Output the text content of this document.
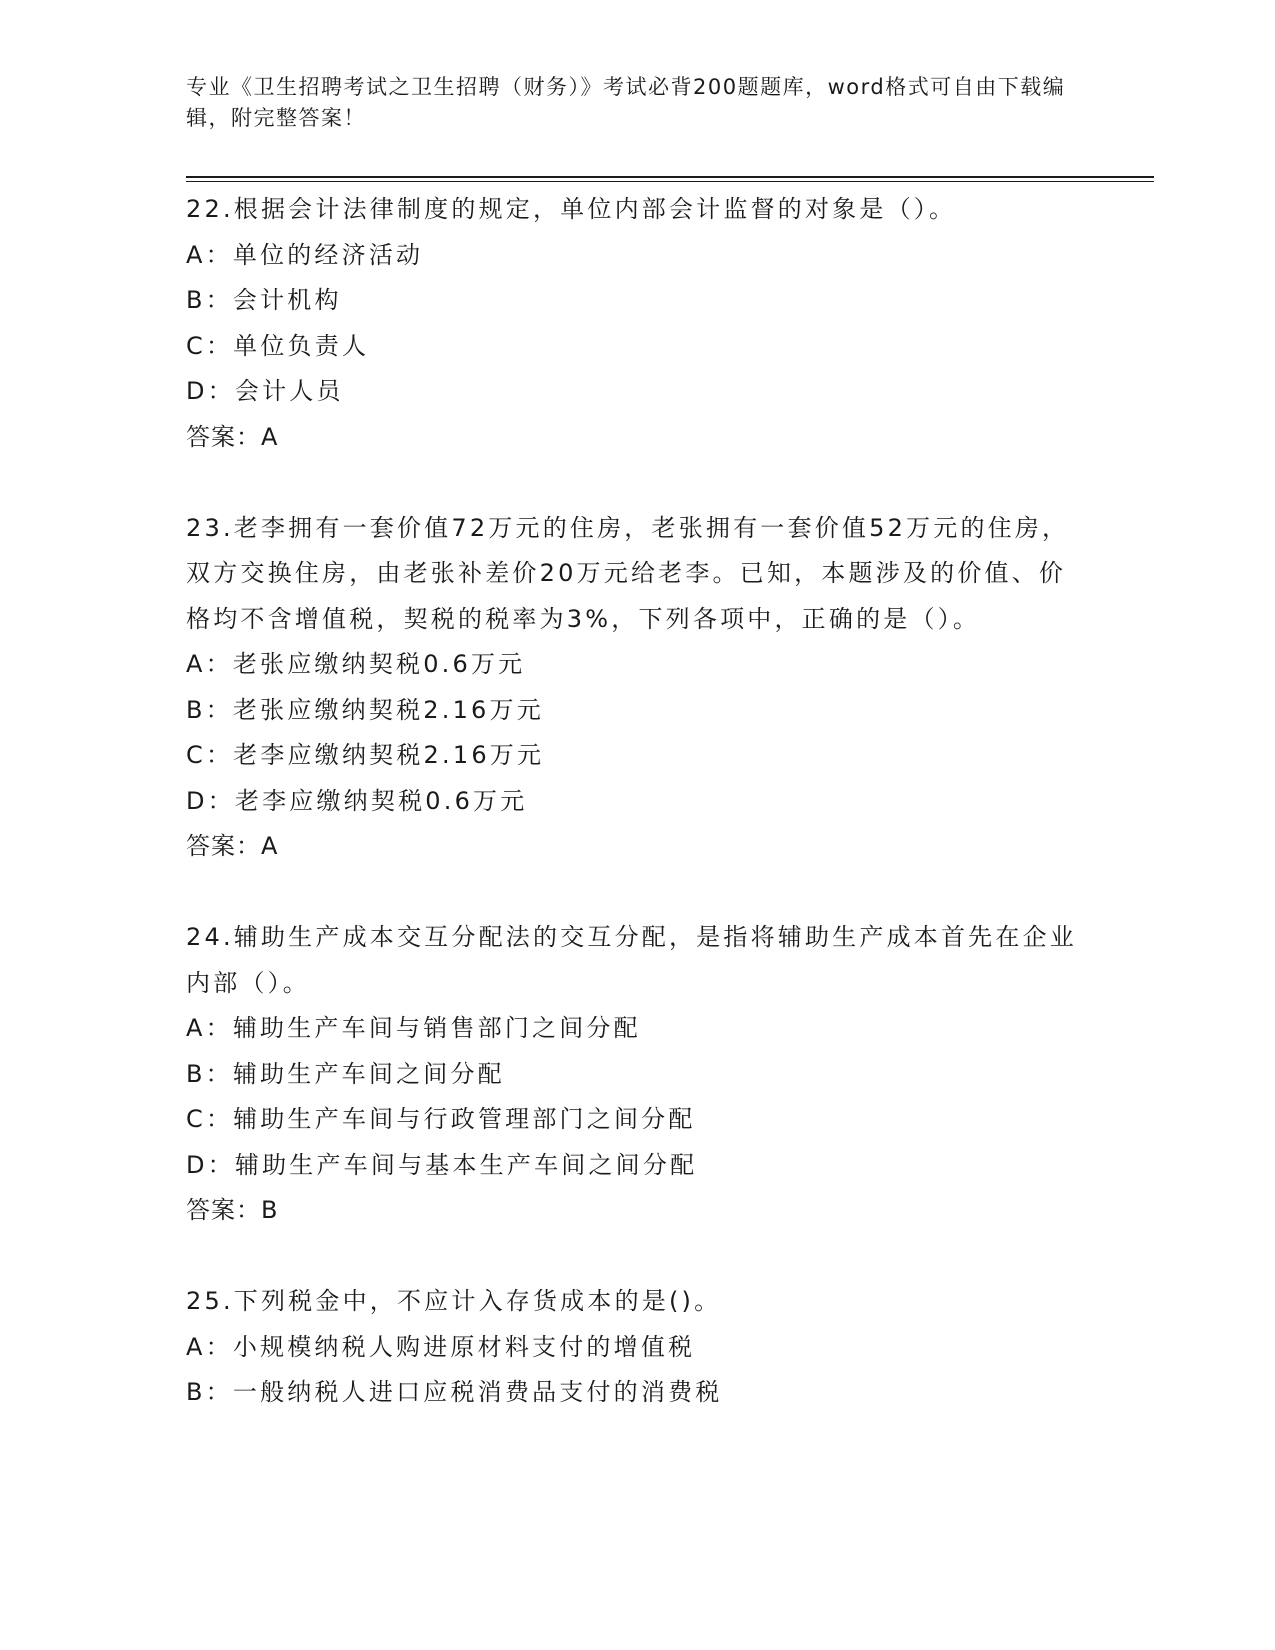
专业《卫生招聘考试之卫生招聘（财务）》考试必背200题题库，word格式可自由下载编辑，附完整答案！
22.根据会计法律制度的规定，单位内部会计监督的对象是（）。
A：单位的经济活动
B：会计机构
C：单位负责人
D：会计人员
答案：A
23.老李拥有一套价值72万元的住房，老张拥有一套价值52万元的住房，双方交换住房，由老张补差价20万元给老李。已知，本题涉及的价值、价格均不含增值税，契税的税率为3%，下列各项中，正确的是（）。
A：老张应缴纳契税0.6万元
B：老张应缴纳契税2.16万元
C：老李应缴纳契税2.16万元
D：老李应缴纳契税0.6万元
答案：A
24.辅助生产成本交互分配法的交互分配，是指将辅助生产成本首先在企业内部（）。
A：辅助生产车间与销售部门之间分配
B：辅助生产车间之间分配
C：辅助生产车间与行政管理部门之间分配
D：辅助生产车间与基本生产车间之间分配
答案：B
25.下列税金中，不应计入存货成本的是()。
A：小规模纳税人购进原材料支付的增值税
B：一般纳税人进口应税消费品支付的消费税
